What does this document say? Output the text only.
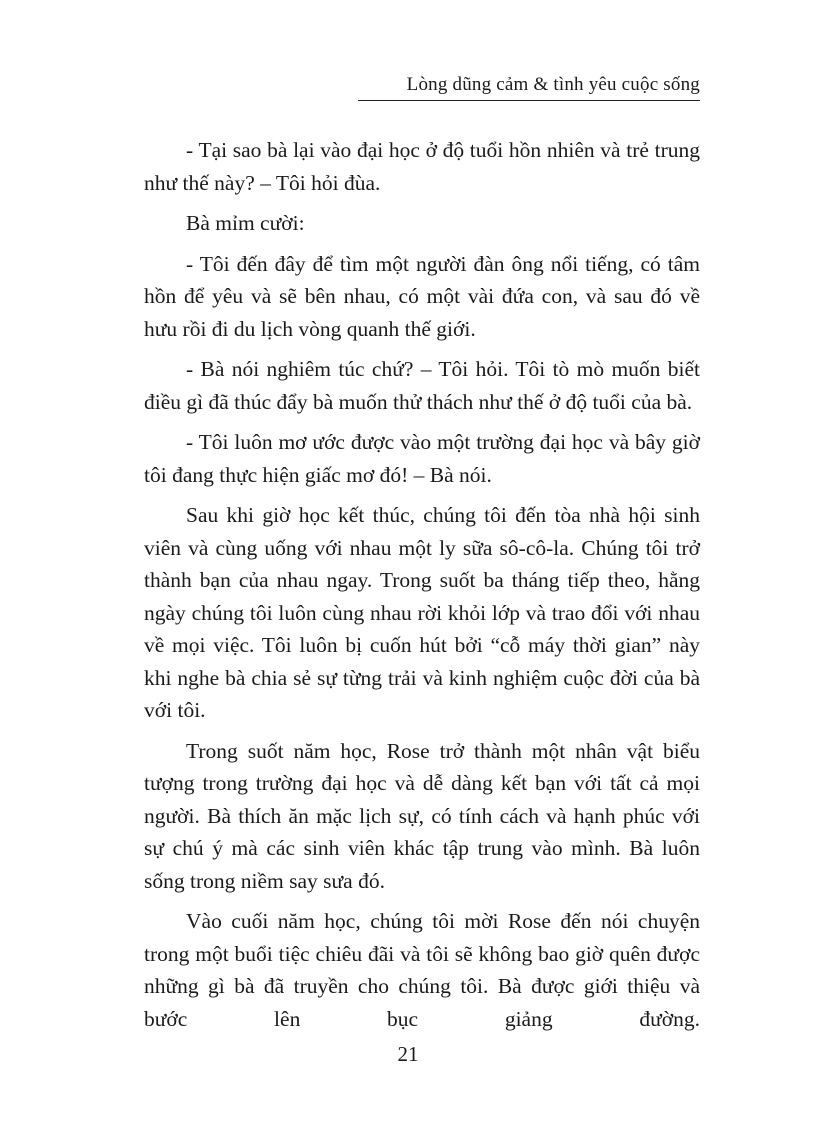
Lòng dũng cảm & tình yêu cuộc sống

- Tại sao bà lại vào đại học ở độ tuổi hồn nhiên và trẻ trung như thế này? – Tôi hỏi đùa.

Bà mỉm cười:

- Tôi đến đây để tìm một người đàn ông nổi tiếng, có tâm hồn để yêu và sẽ bên nhau, có một vài đứa con, và sau đó về hưu rồi đi du lịch vòng quanh thế giới.

- Bà nói nghiêm túc chứ? – Tôi hỏi. Tôi tò mò muốn biết điều gì đã thúc đẩy bà muốn thử thách như thế ở độ tuổi của bà.

- Tôi luôn mơ ước được vào một trường đại học và bây giờ tôi đang thực hiện giấc mơ đó! – Bà nói.

Sau khi giờ học kết thúc, chúng tôi đến tòa nhà hội sinh viên và cùng uống với nhau một ly sữa sô-cô-la. Chúng tôi trở thành bạn của nhau ngay. Trong suốt ba tháng tiếp theo, hằng ngày chúng tôi luôn cùng nhau rời khỏi lớp và trao đổi với nhau về mọi việc. Tôi luôn bị cuốn hút bởi “cỗ máy thời gian” này khi nghe bà chia sẻ sự từng trải và kinh nghiệm cuộc đời của bà với tôi.

Trong suốt năm học, Rose trở thành một nhân vật biểu tượng trong trường đại học và dễ dàng kết bạn với tất cả mọi người. Bà thích ăn mặc lịch sự, có tính cách và hạnh phúc với sự chú ý mà các sinh viên khác tập trung vào mình. Bà luôn sống trong niềm say sưa đó.

Vào cuối năm học, chúng tôi mời Rose đến nói chuyện trong một buổi tiệc chiêu đãi và tôi sẽ không bao giờ quên được những gì bà đã truyền cho chúng tôi. Bà được giới thiệu và bước lên bục giảng đường.

21
